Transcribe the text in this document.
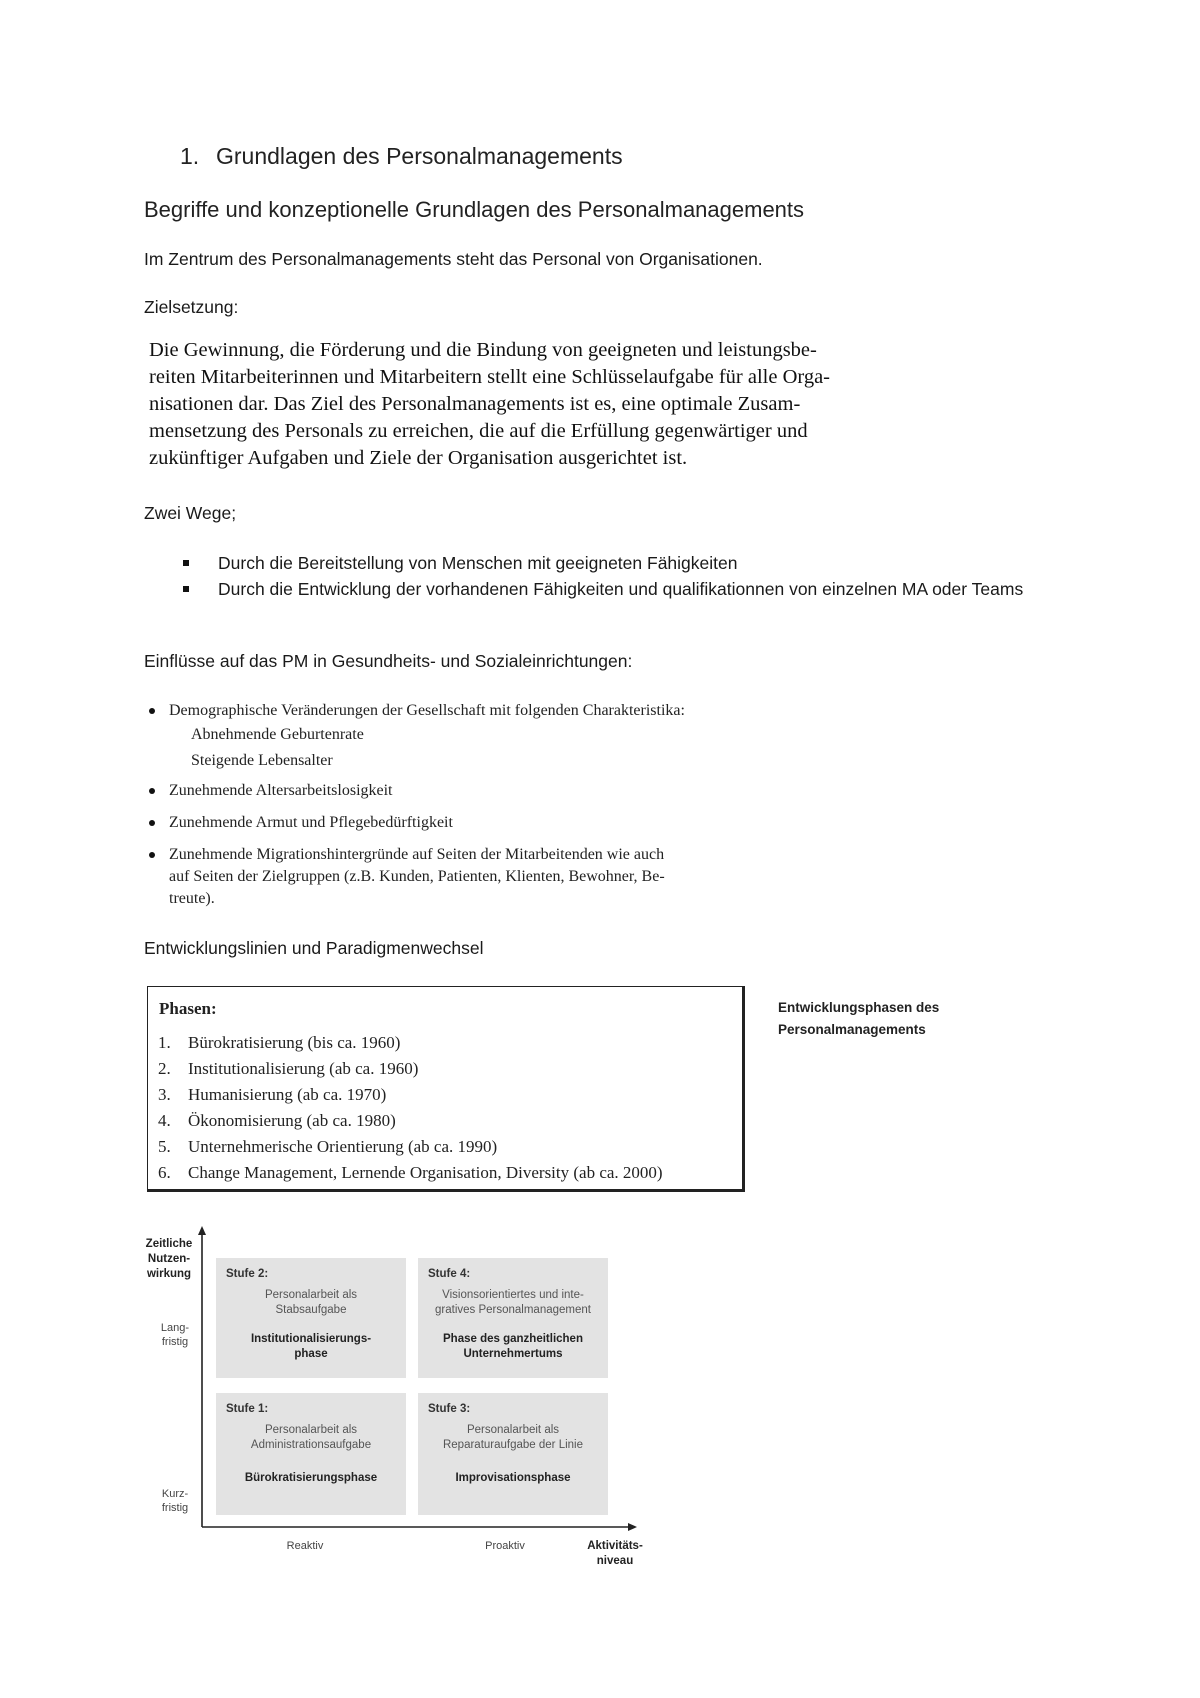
1. Grundlagen des Personalmanagements
Begriffe und konzeptionelle Grundlagen des Personalmanagements
Im Zentrum des Personalmanagements steht das Personal von Organisationen.
Zielsetzung:
Die Gewinnung, die Förderung und die Bindung von geeigneten und leistungsbe-
reiten Mitarbeiterinnen und Mitarbeitern stellt eine Schlüsselaufgabe für alle Orga-
nisationen dar. Das Ziel des Personalmanagements ist es, eine optimale Zusam-
mensetzung des Personals zu erreichen, die auf die Erfüllung gegenwärtiger und
zukünftiger Aufgaben und Ziele der Organisation ausgerichtet ist.
Zwei Wege;
Durch die Bereitstellung von Menschen mit geeigneten Fähigkeiten
Durch die Entwicklung der vorhandenen Fähigkeiten und qualifikationnen von einzelnen MA oder Teams
Einflüsse auf das PM in Gesundheits- und Sozialeinrichtungen:
Demographische Veränderungen der Gesellschaft mit folgenden Charakteristika:
Abnehmende Geburtenrate
Steigende Lebensalter
Zunehmende Altersarbeitslosigkeit
Zunehmende Armut und Pflegebedürftigkeit
Zunehmende Migrationshintergründe auf Seiten der Mitarbeitenden wie auch
auf Seiten der Zielgruppen (z.B. Kunden, Patienten, Klienten, Bewohner, Be-
treute).
Entwicklungslinien und Paradigmenwechsel
Phasen:
1. Bürokratisierung (bis ca. 1960)
2. Institutionalisierung (ab ca. 1960)
3. Humanisierung (ab ca. 1970)
4. Ökonomisierung (ab ca. 1980)
5. Unternehmerische Orientierung (ab ca. 1990)
6. Change Management, Lernende Organisation, Diversity (ab ca. 2000)
Entwicklungsphasen des
Personalmanagements
Zeitliche
Nutzen-
wirkung
Lang-
fristig
Kurz-
fristig
Reaktiv	Proaktiv	Aktivitäts-
niveau
Stufe 2:
Personalarbeit als
Stabsaufgabe
Institutionalisierungs-
phase
Stufe 4:
Visionsorientiertes und inte-
gratives Personalmanagement
Phase des ganzheitlichen
Unternehmertums
Stufe 1:
Personalarbeit als
Administrationsaufgabe
Bürokratisierungsphase
Stufe 3:
Personalarbeit als
Reparaturaufgabe der Linie
Improvisationsphase
